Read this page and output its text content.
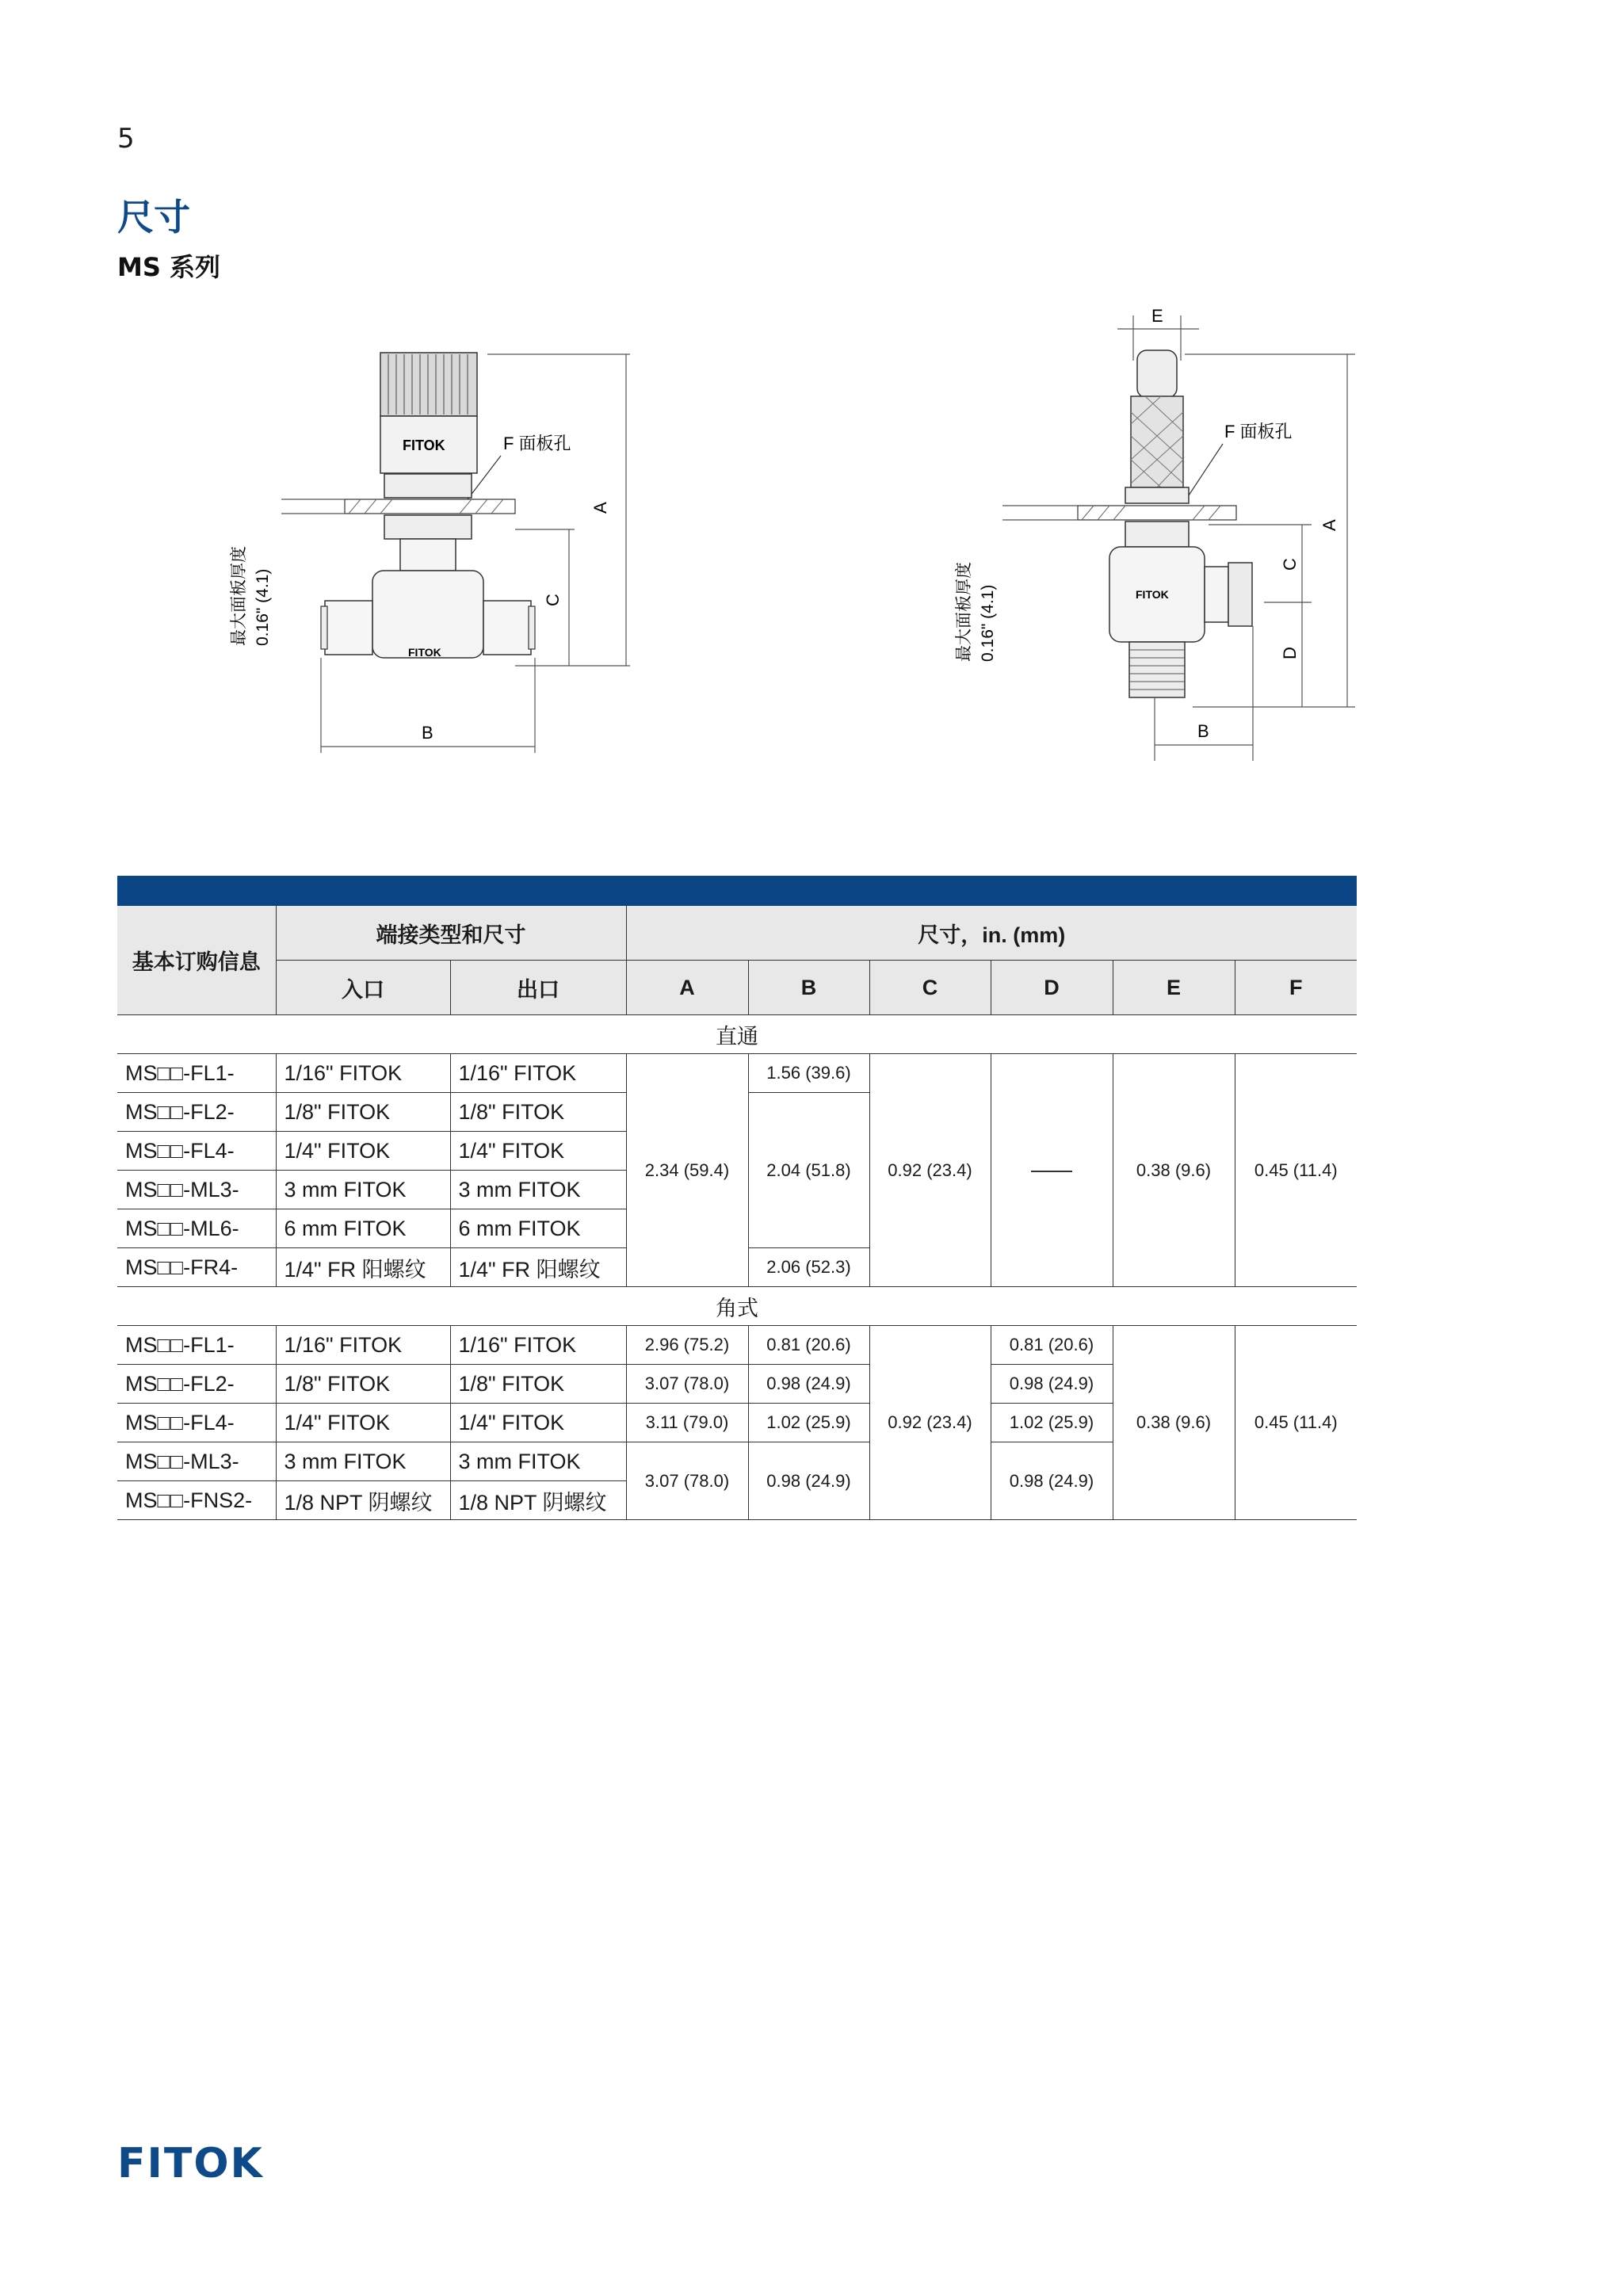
5
尺寸
MS 系列
A
C
FITOK	F 面板孔
最大面板厚度 0.16" (4.1)
FITOK
B
E
A
C
D
F 面板孔
最大面板厚度 0.16" (4.1)	FITOK
B
基本订购信息	端接类型和尺寸		尺寸，in. (mm)					
	入口	出口	A	B	C	D	E	F
直通								
MS□□-FL1-	1/16" FITOK	1/16" FITOK	2.34 (59.4)	1.56 (39.6)	0.92 (23.4)		0.38 (9.6)	0.45 (11.4)
MS□□-FL2-	1/8" FITOK	1/8" FITOK		2.04 (51.8)				
MS□□-FL4-	1/4" FITOK	1/4" FITOK						
MS□□-ML3-	3 mm FITOK	3 mm FITOK						
MS□□-ML6-	6 mm FITOK	6 mm FITOK						
MS□□-FR4-	1/4" FR 阳螺纹	1/4" FR 阳螺纹		2.06 (52.3)				
角式								
MS□□-FL1-	1/16" FITOK	1/16" FITOK	2.96 (75.2)	0.81 (20.6)	0.92 (23.4)	0.81 (20.6)	0.38 (9.6)	0.45 (11.4)
MS□□-FL2-	1/8" FITOK	1/8" FITOK	3.07 (78.0)	0.98 (24.9)		0.98 (24.9)		
MS□□-FL4-	1/4" FITOK	1/4" FITOK	3.11 (79.0)	1.02 (25.9)		1.02 (25.9)		
MS□□-ML3-	3 mm FITOK	3 mm FITOK	3.07 (78.0)	0.98 (24.9)		0.98 (24.9)		
MS□□-FNS2-	1/8 NPT 阴螺纹	1/8 NPT 阴螺纹						
FITOK
